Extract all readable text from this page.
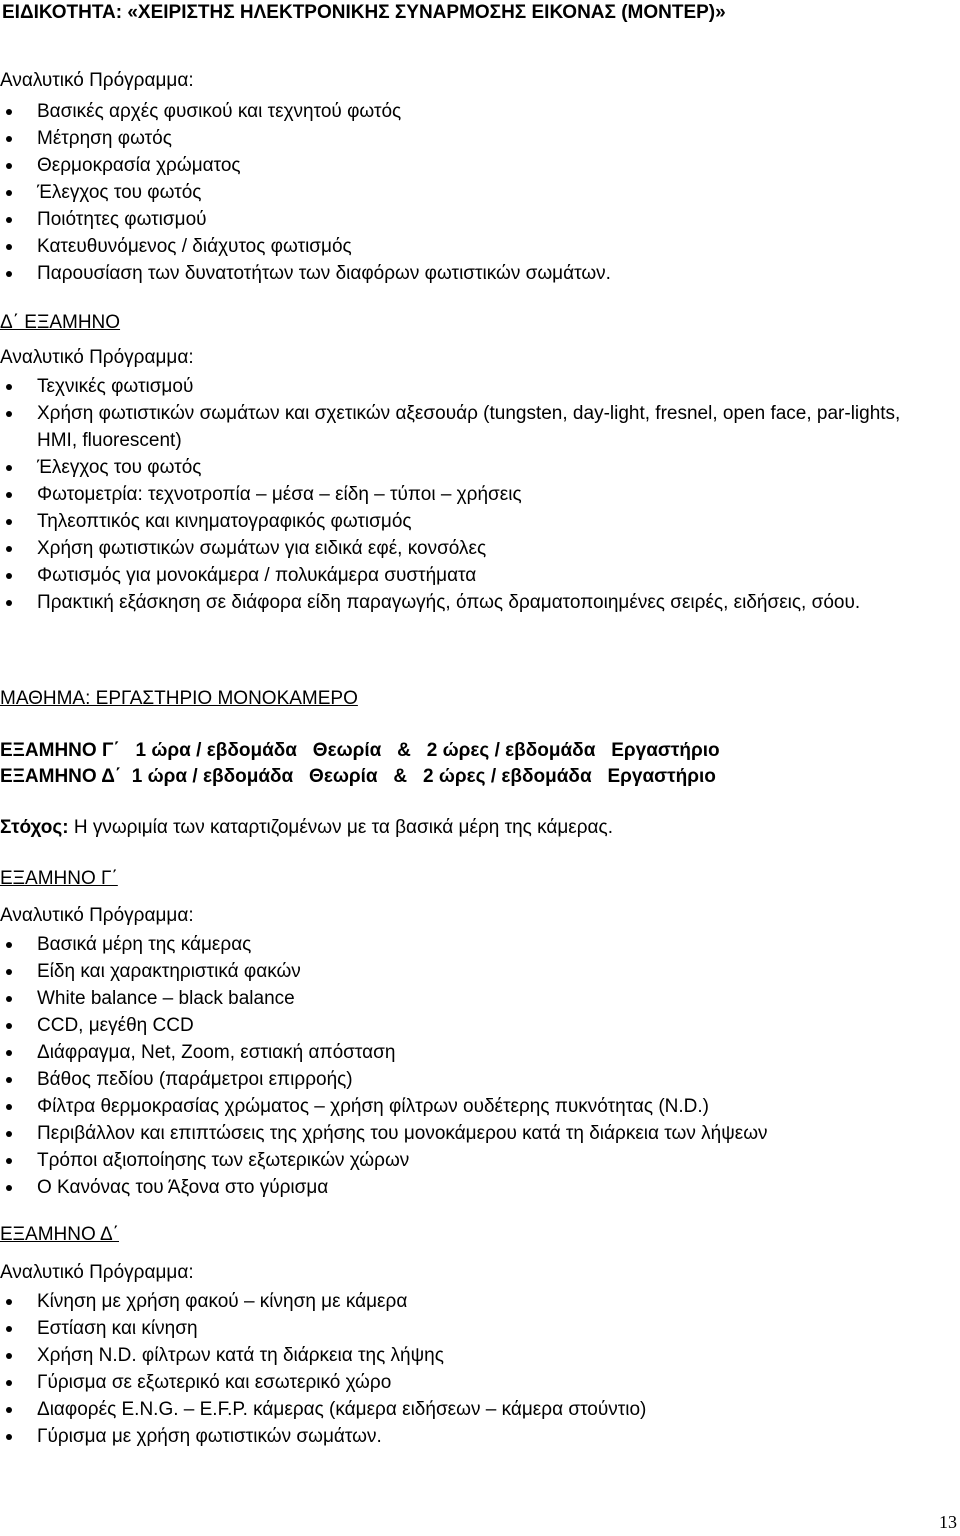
ΕΙΔΙΚΟΤΗΤΑ: «ΧΕΙΡΙΣΤΗΣ ΗΛΕΚΤΡΟΝΙΚΗΣ ΣΥΝΑΡΜΟΣΗΣ ΕΙΚΟΝΑΣ (ΜΟΝΤΕΡ)»
Αναλυτικό Πρόγραμμα:
Βασικές αρχές φυσικού και τεχνητού φωτός
Μέτρηση φωτός
Θερμοκρασία χρώματος
Έλεγχος του φωτός
Ποιότητες φωτισμού
Κατευθυνόμενος / διάχυτος φωτισμός
Παρουσίαση των δυνατοτήτων των διαφόρων φωτιστικών σωμάτων.
Δ΄ ΕΞΑΜΗΝΟ
Αναλυτικό Πρόγραμμα:
Τεχνικές φωτισμού
Χρήση φωτιστικών σωμάτων και σχετικών αξεσουάρ (tungsten, day-light, fresnel, open face, par-lights, HMI, fluorescent)
Έλεγχος του φωτός
Φωτομετρία: τεχνοτροπία – μέσα – είδη – τύποι – χρήσεις
Τηλεοπτικός και κινηματογραφικός φωτισμός
Χρήση φωτιστικών σωμάτων για ειδικά εφέ, κονσόλες
Φωτισμός για μονοκάμερα / πολυκάμερα συστήματα
Πρακτική εξάσκηση σε διάφορα είδη παραγωγής, όπως δραματοποιημένες σειρές, ειδήσεις, σόου.
ΜΑΘΗΜΑ: ΕΡΓΑΣΤΗΡΙΟ ΜΟΝΟΚΑΜΕΡΟ
ΕΞΑΜΗΝΟ Γ΄   1 ώρα / εβδομάδα   Θεωρία   &   2 ώρες / εβδομάδα   Εργαστήριο
ΕΞΑΜΗΝΟ Δ΄  1 ώρα / εβδομάδα   Θεωρία   &   2 ώρες / εβδομάδα   Εργαστήριο
Στόχος: Η γνωριμία των καταρτιζομένων με τα βασικά μέρη της κάμερας.
ΕΞΑΜΗΝΟ Γ΄
Αναλυτικό Πρόγραμμα:
Βασικά μέρη της κάμερας
Είδη και χαρακτηριστικά φακών
White balance – black balance
CCD, μεγέθη CCD
Διάφραγμα, Net, Zoom, εστιακή απόσταση
Βάθος πεδίου (παράμετροι επιρροής)
Φίλτρα θερμοκρασίας χρώματος – χρήση φίλτρων ουδέτερης πυκνότητας (N.D.)
Περιβάλλον και επιπτώσεις της χρήσης του μονοκάμερου κατά τη διάρκεια των λήψεων
Τρόποι αξιοποίησης των εξωτερικών χώρων
Ο Κανόνας του Άξονα στο γύρισμα
ΕΞΑΜΗΝΟ Δ΄
Αναλυτικό Πρόγραμμα:
Κίνηση με χρήση φακού – κίνηση με κάμερα
Εστίαση και κίνηση
Χρήση N.D. φίλτρων κατά τη διάρκεια της λήψης
Γύρισμα σε εξωτερικό και εσωτερικό χώρο
Διαφορές E.N.G. – E.F.P. κάμερας (κάμερα ειδήσεων – κάμερα στούντιο)
Γύρισμα με χρήση φωτιστικών σωμάτων.
13
